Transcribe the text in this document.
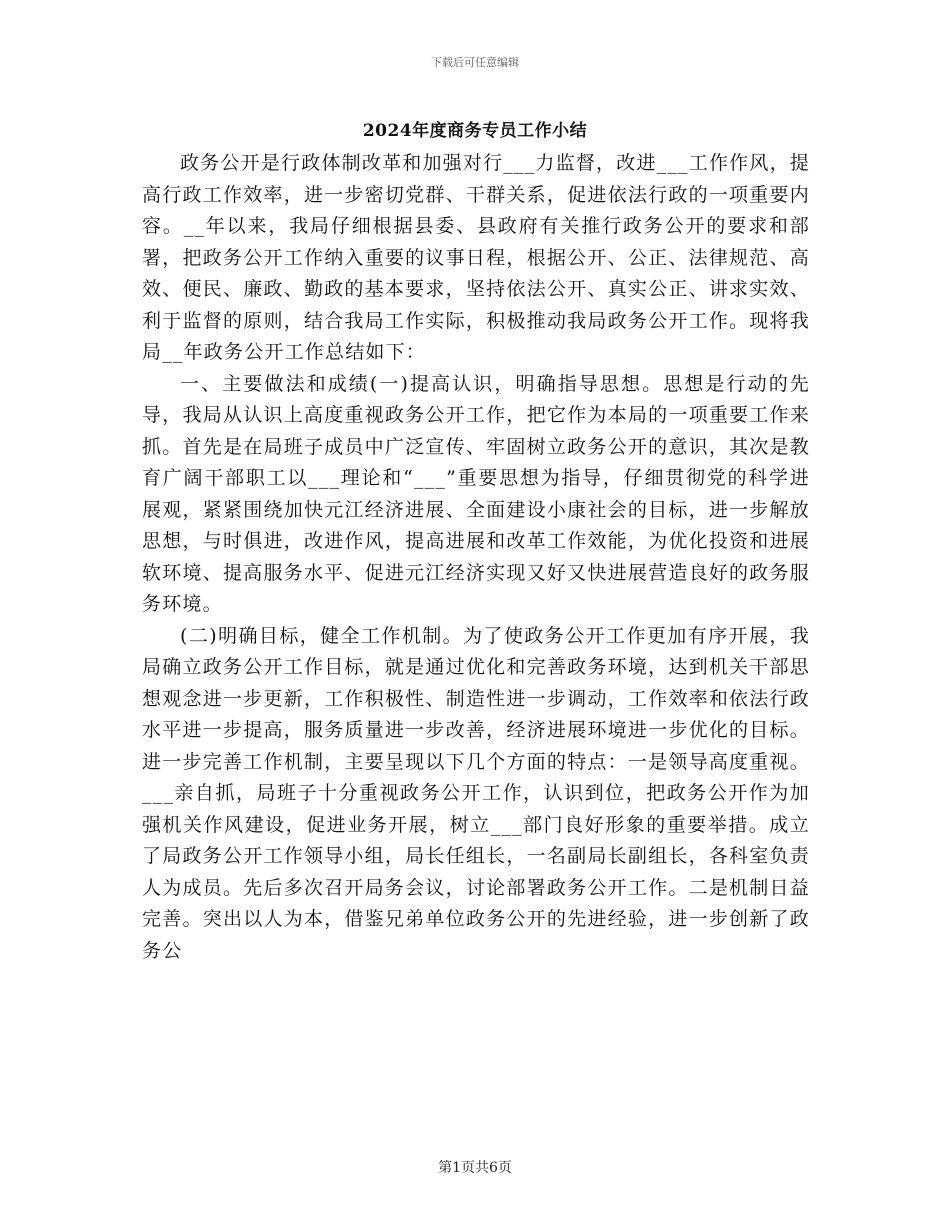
下载后可任意编辑
2024年度商务专员工作小结

政务公开是行政体制改革和加强对行___力监督，改进___工作作风，提高行政工作效率，进一步密切党群、干群关系，促进依法行政的一项重要内容。__年以来，我局仔细根据县委、县政府有关推行政务公开的要求和部署，把政务公开工作纳入重要的议事日程，根据公开、公正、法律规范、高效、便民、廉政、勤政的基本要求，坚持依法公开、真实公正、讲求实效、利于监督的原则，结合我局工作实际，积极推动我局政务公开工作。现将我局__年政务公开工作总结如下：

一、主要做法和成绩(一)提高认识，明确指导思想。思想是行动的先导，我局从认识上高度重视政务公开工作，把它作为本局的一项重要工作来抓。首先是在局班子成员中广泛宣传、牢固树立政务公开的意识，其次是教育广阔干部职工以___理论和“___”重要思想为指导，仔细贯彻党的科学进展观，紧紧围绕加快元江经济进展、全面建设小康社会的目标，进一步解放思想，与时俱进，改进作风，提高进展和改革工作效能，为优化投资和进展软环境、提高服务水平、促进元江经济实现又好又快进展营造良好的政务服务环境。

(二)明确目标，健全工作机制。为了使政务公开工作更加有序开展，我局确立政务公开工作目标，就是通过优化和完善政务环境，达到机关干部思想观念进一步更新，工作积极性、制造性进一步调动，工作效率和依法行政水平进一步提高，服务质量进一步改善，经济进展环境进一步优化的目标。进一步完善工作机制，主要呈现以下几个方面的特点：一是领导高度重视。___亲自抓，局班子十分重视政务公开工作，认识到位，把政务公开作为加强机关作风建设，促进业务开展，树立___部门良好形象的重要举措。成立了局政务公开工作领导小组，局长任组长，一名副局长副组长，各科室负责人为成员。先后多次召开局务会议，讨论部署政务公开工作。二是机制日益完善。突出以人为本，借鉴兄弟单位政务公开的先进经验，进一步创新了政务公

第1页共6页
